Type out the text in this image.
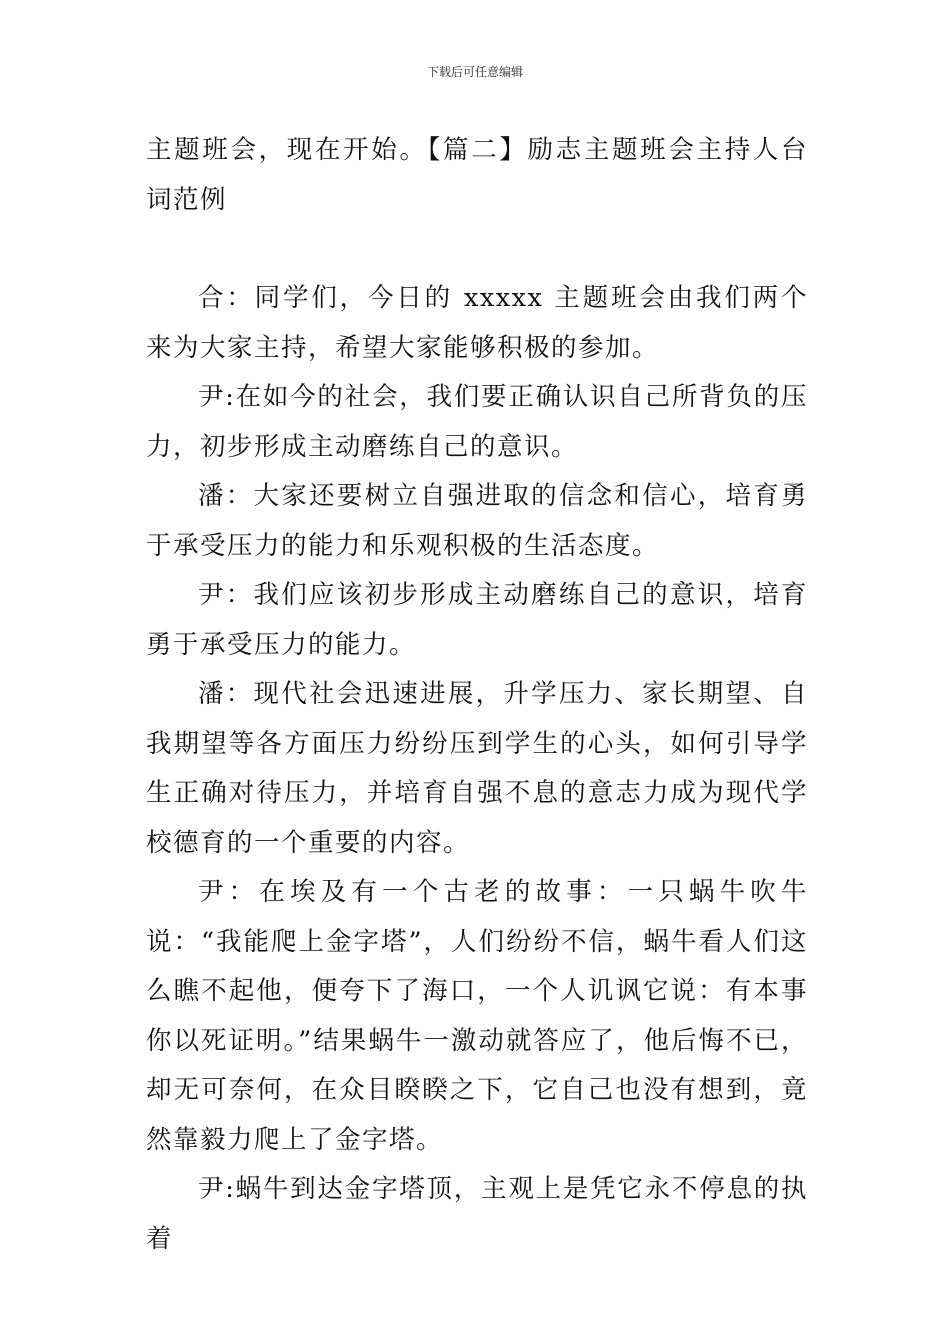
下载后可任意编辑

主题班会，现在开始。【篇二】励志主题班会主持人台词范例

合：同学们，今日的 xxxxx 主题班会由我们两个来为大家主持，希望大家能够积极的参加。

尹:在如今的社会，我们要正确认识自己所背负的压力，初步形成主动磨练自己的意识。

潘：大家还要树立自强进取的信念和信心，培育勇于承受压力的能力和乐观积极的生活态度。

尹：我们应该初步形成主动磨练自己的意识，培育勇于承受压力的能力。

潘：现代社会迅速进展，升学压力、家长期望、自我期望等各方面压力纷纷压到学生的心头，如何引导学生正确对待压力，并培育自强不息的意志力成为现代学校德育的一个重要的内容。

尹：在埃及有一个古老的故事：一只蜗牛吹牛说：“我能爬上金字塔”，人们纷纷不信，蜗牛看人们这么瞧不起他，便夸下了海口，一个人讥讽它说：有本事你以死证明。”结果蜗牛一激动就答应了，他后悔不已，却无可奈何，在众目睽睽之下，它自己也没有想到，竟然靠毅力爬上了金字塔。

尹:蜗牛到达金字塔顶，主观上是凭它永不停息的执着
